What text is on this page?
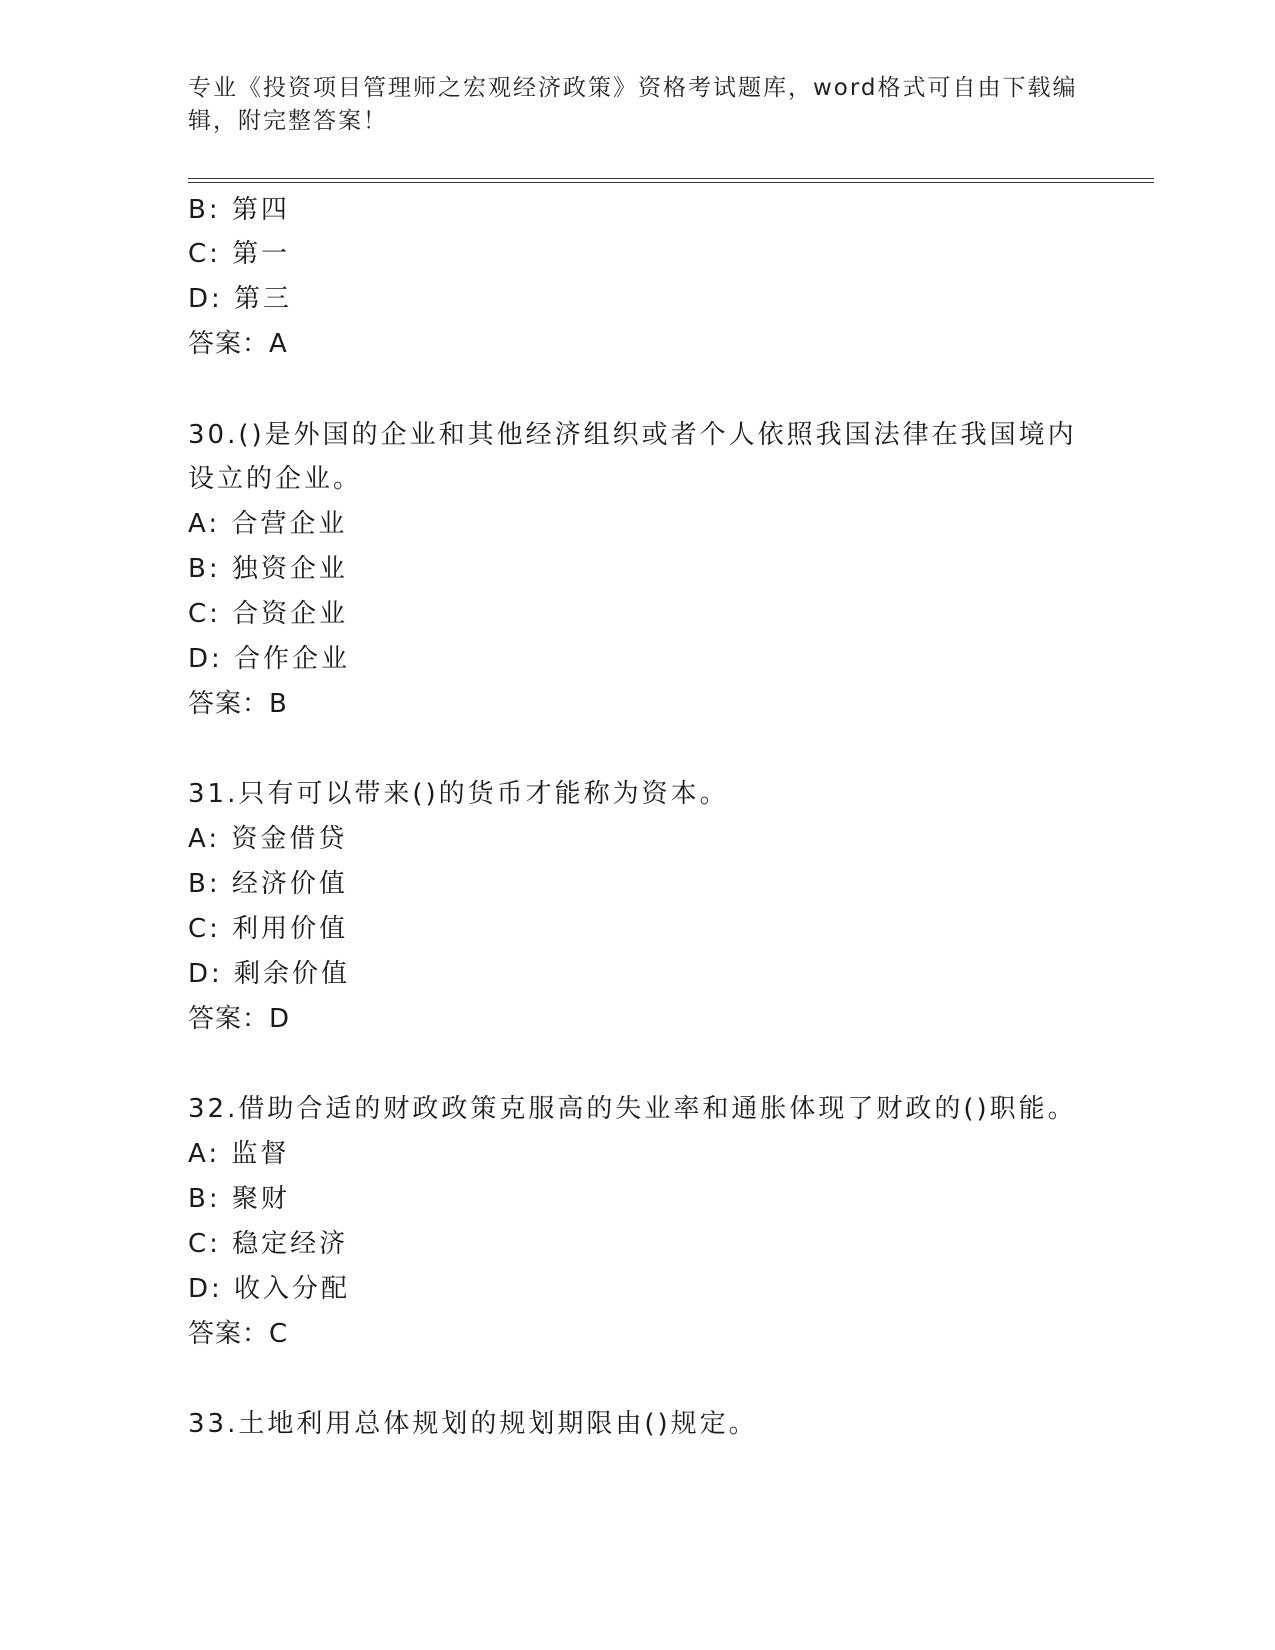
专业《投资项目管理师之宏观经济政策》资格考试题库，word格式可自由下载编辑，附完整答案！
B: 第四
C: 第一
D: 第三
答案：A
30.()是外国的企业和其他经济组织或者个人依照我国法律在我国境内
设立的企业。
A: 合营企业
B: 独资企业
C: 合资企业
D: 合作企业
答案：B
31.只有可以带来()的货币才能称为资本。
A: 资金借贷
B: 经济价值
C: 利用价值
D: 剩余价值
答案：D
32.借助合适的财政政策克服高的失业率和通胀体现了财政的()职能。
A: 监督
B: 聚财
C: 稳定经济
D: 收入分配
答案：C
33.土地利用总体规划的规划期限由()规定。
